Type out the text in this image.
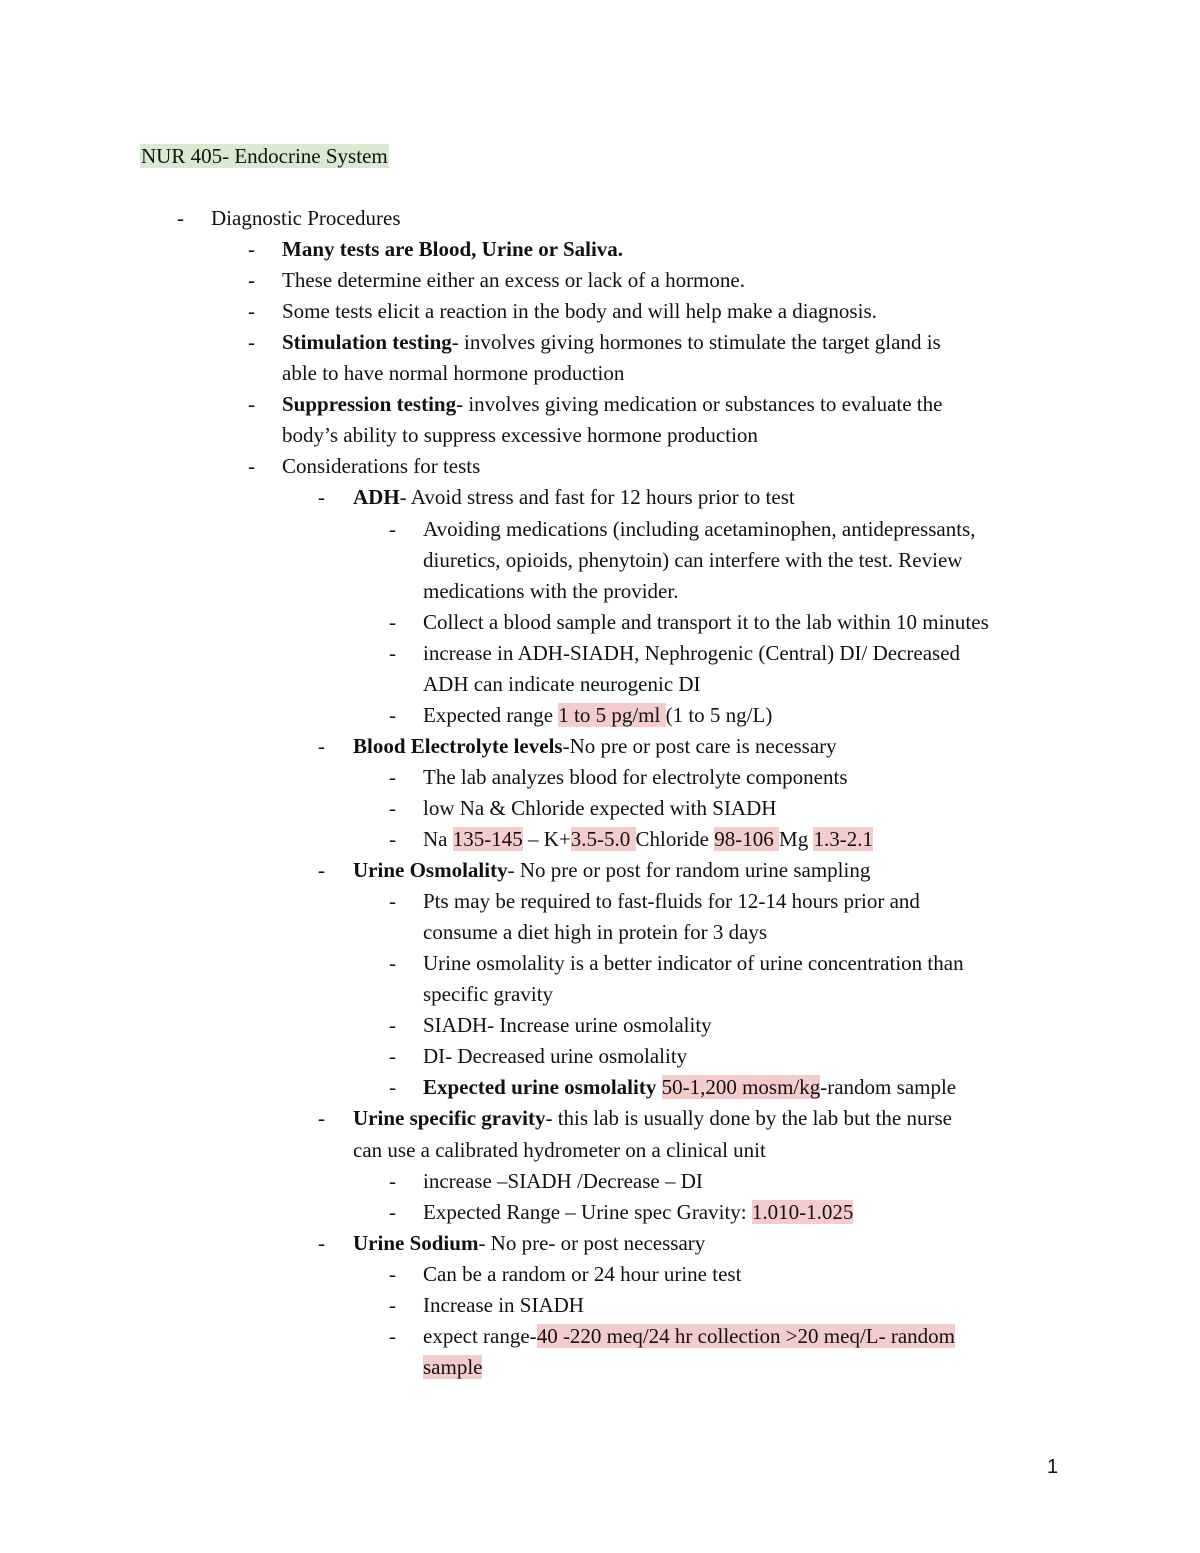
NUR 405- Endocrine System
- Diagnostic Procedures
- Many tests are Blood, Urine or Saliva.
- These determine either an excess or lack of a hormone.
- Some tests elicit a reaction in the body and will help make a diagnosis.
- Stimulation testing- involves giving hormones to stimulate the target gland is
able to have normal hormone production
- Suppression testing- involves giving medication or substances to evaluate the
body’s ability to suppress excessive hormone production
- Considerations for tests
- ADH- Avoid stress and fast for 12 hours prior to test
- Avoiding medications (including acetaminophen, antidepressants,
diuretics, opioids, phenytoin) can interfere with the test. Review
medications with the provider.
- Collect a blood sample and transport it to the lab within 10 minutes
- increase in ADH-SIADH, Nephrogenic (Central) DI/ Decreased
ADH can indicate neurogenic DI
- Expected range 1 to 5 pg/ml (1 to 5 ng/L)
- Blood Electrolyte levels-No pre or post care is necessary
- The lab analyzes blood for electrolyte components
- low Na & Chloride expected with SIADH
- Na 135-145 – K+3.5-5.0 Chloride 98-106 Mg 1.3-2.1
- Urine Osmolality- No pre or post for random urine sampling
- Pts may be required to fast-fluids for 12-14 hours prior and
consume a diet high in protein for 3 days
- Urine osmolality is a better indicator of urine concentration than
specific gravity
- SIADH- Increase urine osmolality
- DI- Decreased urine osmolality
- Expected urine osmolality 50-1,200 mosm/kg-random sample
- Urine specific gravity- this lab is usually done by the lab but the nurse
can use a calibrated hydrometer on a clinical unit
- increase –SIADH /Decrease – DI
- Expected Range – Urine spec Gravity: 1.010-1.025
- Urine Sodium- No pre- or post necessary
- Can be a random or 24 hour urine test
- Increase in SIADH
- expect range-40 -220 meq/24 hr collection >20 meq/L- random
sample
1
